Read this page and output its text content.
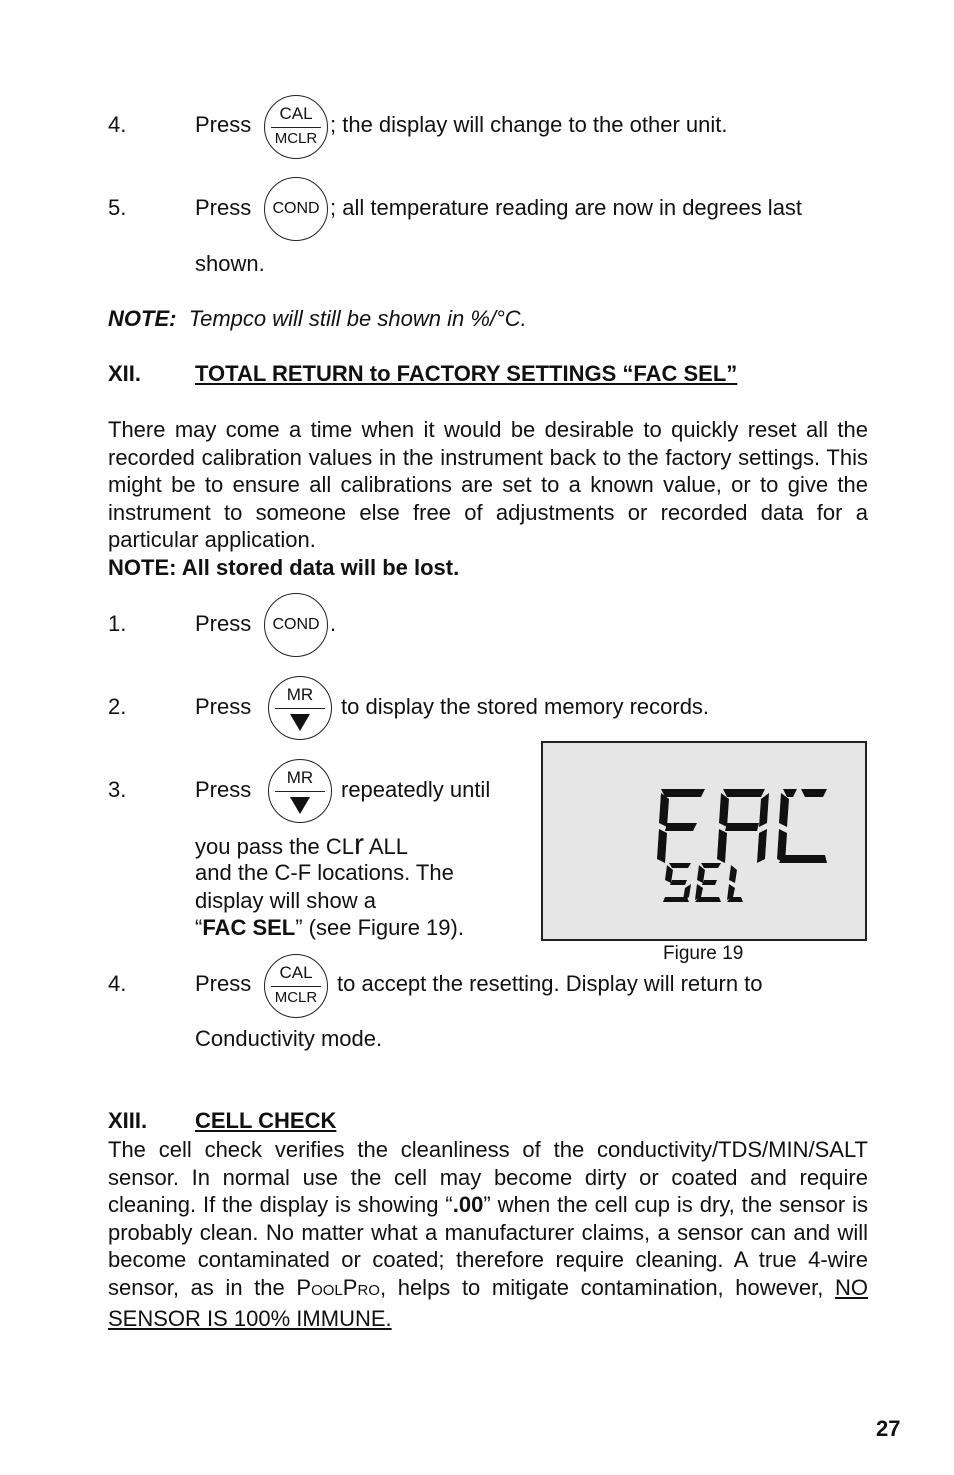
4.	Press	CAL
MCLR
; the display will change to the other unit.
5.	Press	COND ; all temperature reading are now in degrees last
shown.
NOTE: Tempco will still be shown in %/°C.
XII. TOTAL RETURN to FACTORY SETTINGS “FAC SEL”
There may come a time when it would be desirable to quickly reset all the recorded calibration values in the instrument back to the factory settings. This might be to ensure all calibrations are set to a known value, or to give the instrument to someone else free of adjustments or recorded data for a particular application.
NOTE: All stored data will be lost.
1.	Press	COND .
2.	Press	MR	to display the stored memory records.
3.	Press	MR	repeatedly until
you pass the CLr ALL
and the C-F locations. The
display will show a
“FAC SEL” (see Figure 19).
Figure 19
4.	Press	CAL
MCLR
to accept the resetting. Display will return to
Conductivity mode.
XIII. CELL CHECK
The cell check verifies the cleanliness of the conductivity/TDS/MIN/SALT sensor. In normal use the cell may become dirty or coated and require cleaning. If the display is showing “.00” when the cell cup is dry, the sensor is probably clean. No matter what a manufacturer claims, a sensor can and will become contaminated or coated; therefore require cleaning. A true 4-wire sensor, as in the POOLPRO, helps to mitigate contamination, however, NO SENSOR IS 100% IMMUNE.
27
